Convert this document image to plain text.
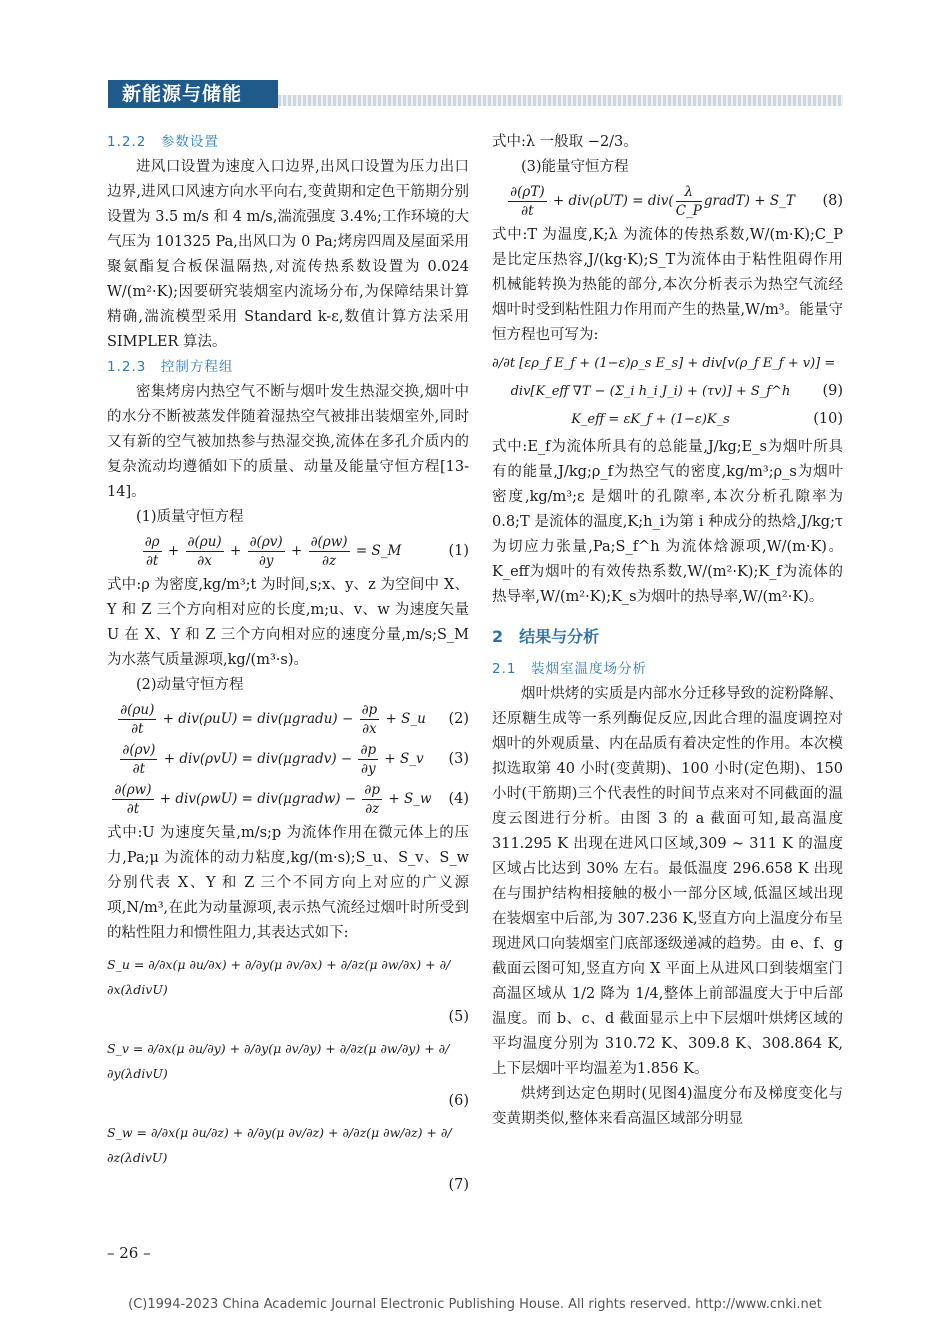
新能源与储能

1.2.2　参数设置

进风口设置为速度入口边界,出风口设置为压力出口边界,进风口风速方向水平向右,变黄期和定色干筋期分别设置为 3.5 m/s 和 4 m/s,湍流强度 3.4%;工作环境的大气压为 101325 Pa,出风口为 0 Pa;烤房四周及屋面采用聚氨酯复合板保温隔热,对流传热系数设置为 0.024 W/(m²·K);因要研究装烟室内流场分布,为保障结果计算精确,湍流模型采用 Standard k-ε,数值计算方法采用 SIMPLER 算法。

1.2.3　控制方程组

密集烤房内热空气不断与烟叶发生热湿交换,烟叶中的水分不断被蒸发伴随着湿热空气被排出装烟室外,同时又有新的空气被加热参与热湿交换,流体在多孔介质内的复杂流动均遵循如下的质量、动量及能量守恒方程[13-14]。

(1)质量守恒方程

$\frac{\partial\rho}{\partial t} + \frac{\partial(\rho u)}{\partial x} + \frac{\partial(\rho v)}{\partial y} + \frac{\partial(\rho w)}{\partial z}$ = S_M	(1)

式中:ρ 为密度,kg/m³;t 为时间,s;x、y、z 为空间中 X、Y 和 Z 三个方向相对应的长度,m;u、v、w 为速度矢量 U 在 X、Y 和 Z 三个方向相对应的速度分量,m/s;S_M为水蒸气质量源项,kg/(m³·s)。

(2)动量守恒方程

$\frac{\partial(\rho u)}{\partial t} + div(\rho uU)$ = div(μgradu) − $\frac{\partial p}{\partial x}$ + S_u	(2)
$\frac{\partial(\rho v)}{\partial t} + div(\rho vU)$ = div(μgradv) − $\frac{\partial p}{\partial y}$ + S_v	(3)
$\frac{\partial(\rho w)}{\partial t} + div(\rho wU)$ = div(μgradw) − $\frac{\partial p}{\partial z}$ + S_w	(4)

式中:U 为速度矢量,m/s;p 为流体作用在微元体上的压力,Pa;μ 为流体的动力粘度,kg/(m·s);S_u、S_v、S_w分别代表 X、Y 和 Z 三个不同方向上对应的广义源项,N/m³,在此为动量源项,表示热气流经过烟叶时所受到的粘性阻力和惯性阻力,其表达式如下:

S_u = ∂/∂x(μ ∂u/∂x) + ∂/∂y(μ ∂v/∂x) + ∂/∂z(μ ∂w/∂x) + ∂/∂x(λdivU)

(5)

S_v = ∂/∂x(μ ∂u/∂y) + ∂/∂y(μ ∂v/∂y) + ∂/∂z(μ ∂w/∂y) + ∂/∂y(λdivU)

(6)

S_w = ∂/∂x(μ ∂u/∂z) + ∂/∂y(μ ∂v/∂z) + ∂/∂z(μ ∂w/∂z) + ∂/∂z(λdivU)

(7)

式中:λ 一般取 −2/3。

(3)能量守恒方程

$\frac{\partial(\rho T)}{\partial t} + div(\rho UT) = div( \frac{\lambda}{C\_P}$ gradT) + S_T	(8)

式中:T 为温度,K;λ 为流体的传热系数,W/(m·K);C_P是比定压热容,J/(kg·K);S_T为流体由于粘性阻碍作用机械能转换为热能的部分,本次分析表示为热空气流经烟叶时受到粘性阻力作用而产生的热量,W/m³。能量守恒方程也可写为:

∂/∂t [ερ_f E_f + (1−ε)ρ_s E_s] + div[v(ρ_f E_f + v)] =
div[K_eff ∇T − (Σ_i h_i J_i) + (τv)] + S_f^h	(9)
K_eff = εK_f + (1−ε)K_s	(10)

式中:E_f为流体所具有的总能量,J/kg;E_s为烟叶所具有的能量,J/kg;ρ_f为热空气的密度,kg/m³;ρ_s为烟叶密度,kg/m³;ε 是烟叶的孔隙率,本次分析孔隙率为 0.8;T 是流体的温度,K;h_i为第 i 种成分的热焓,J/kg;τ 为切应力张量,Pa;S_f^h 为流体焓源项,W/(m·K)。K_eff为烟叶的有效传热系数,W/(m²·K);K_f为流体的热导率,W/(m²·K);K_s为烟叶的热导率,W/(m²·K)。

2　结果与分析

2.1　装烟室温度场分析

烟叶烘烤的实质是内部水分迁移导致的淀粉降解、还原糖生成等一系列酶促反应,因此合理的温度调控对烟叶的外观质量、内在品质有着决定性的作用。本次模拟选取第 40 小时(变黄期)、100 小时(定色期)、150 小时(干筋期)三个代表性的时间节点来对不同截面的温度云图进行分析。由图 3 的 a 截面可知,最高温度 311.295 K 出现在进风口区域,309 ~ 311 K 的温度区域占比达到 30% 左右。最低温度 296.658 K 出现在与围护结构相接触的极小一部分区域,低温区域出现在装烟室中后部,为 307.236 K,竖直方向上温度分布呈现进风口向装烟室门底部逐级递减的趋势。由 e、f、g 截面云图可知,竖直方向 X 平面上从进风口到装烟室门高温区域从 1/2 降为 1/4,整体上前部温度大于中后部温度。而 b、c、d 截面显示上中下层烟叶烘烤区域的平均温度分别为 310.72 K、309.8 K、308.864 K,上下层烟叶平均温差为1.856 K。

烘烤到达定色期时(见图4)温度分布及梯度变化与变黄期类似,整体来看高温区域部分明显

– 26 –
(C)1994-2023 China Academic Journal Electronic Publishing House. All rights reserved. http://www.cnki.net
